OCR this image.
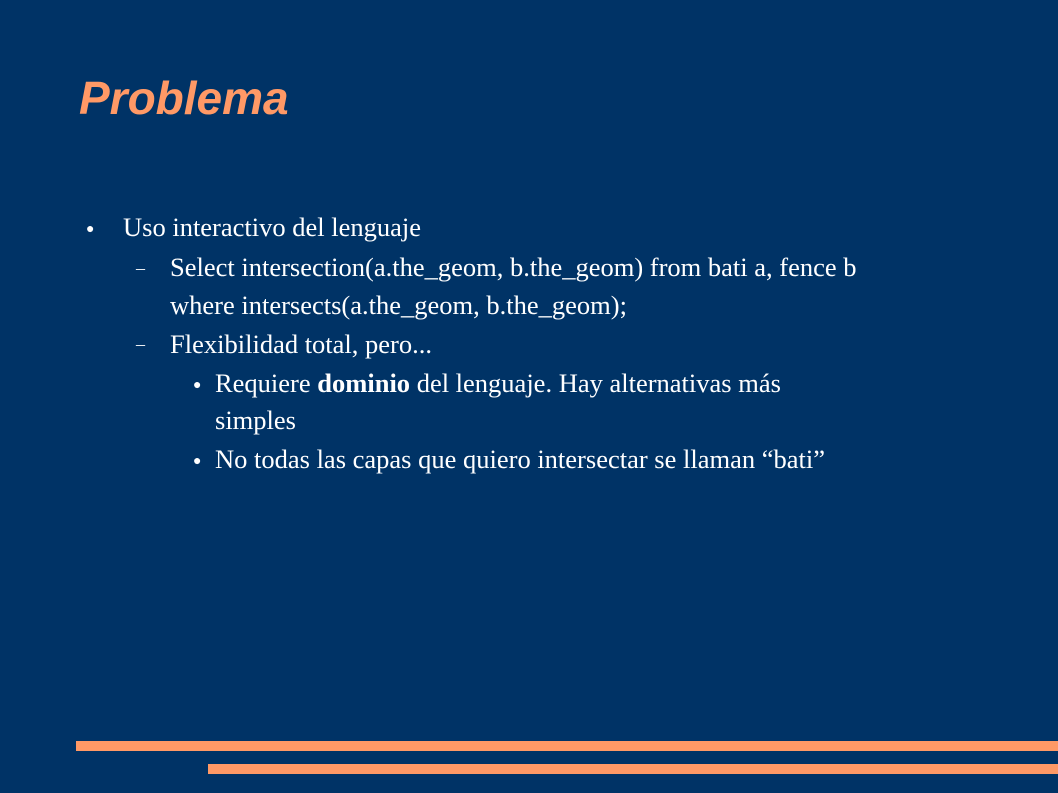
Problema
● Uso interactivo del lenguaje
– Select intersection(a.the_geom, b.the_geom) from bati a, fence b
where intersects(a.the_geom, b.the_geom);
– Flexibilidad total, pero...
● Requiere dominio del lenguaje. Hay alternativas más
simples
● No todas las capas que quiero intersectar se llaman “bati”
